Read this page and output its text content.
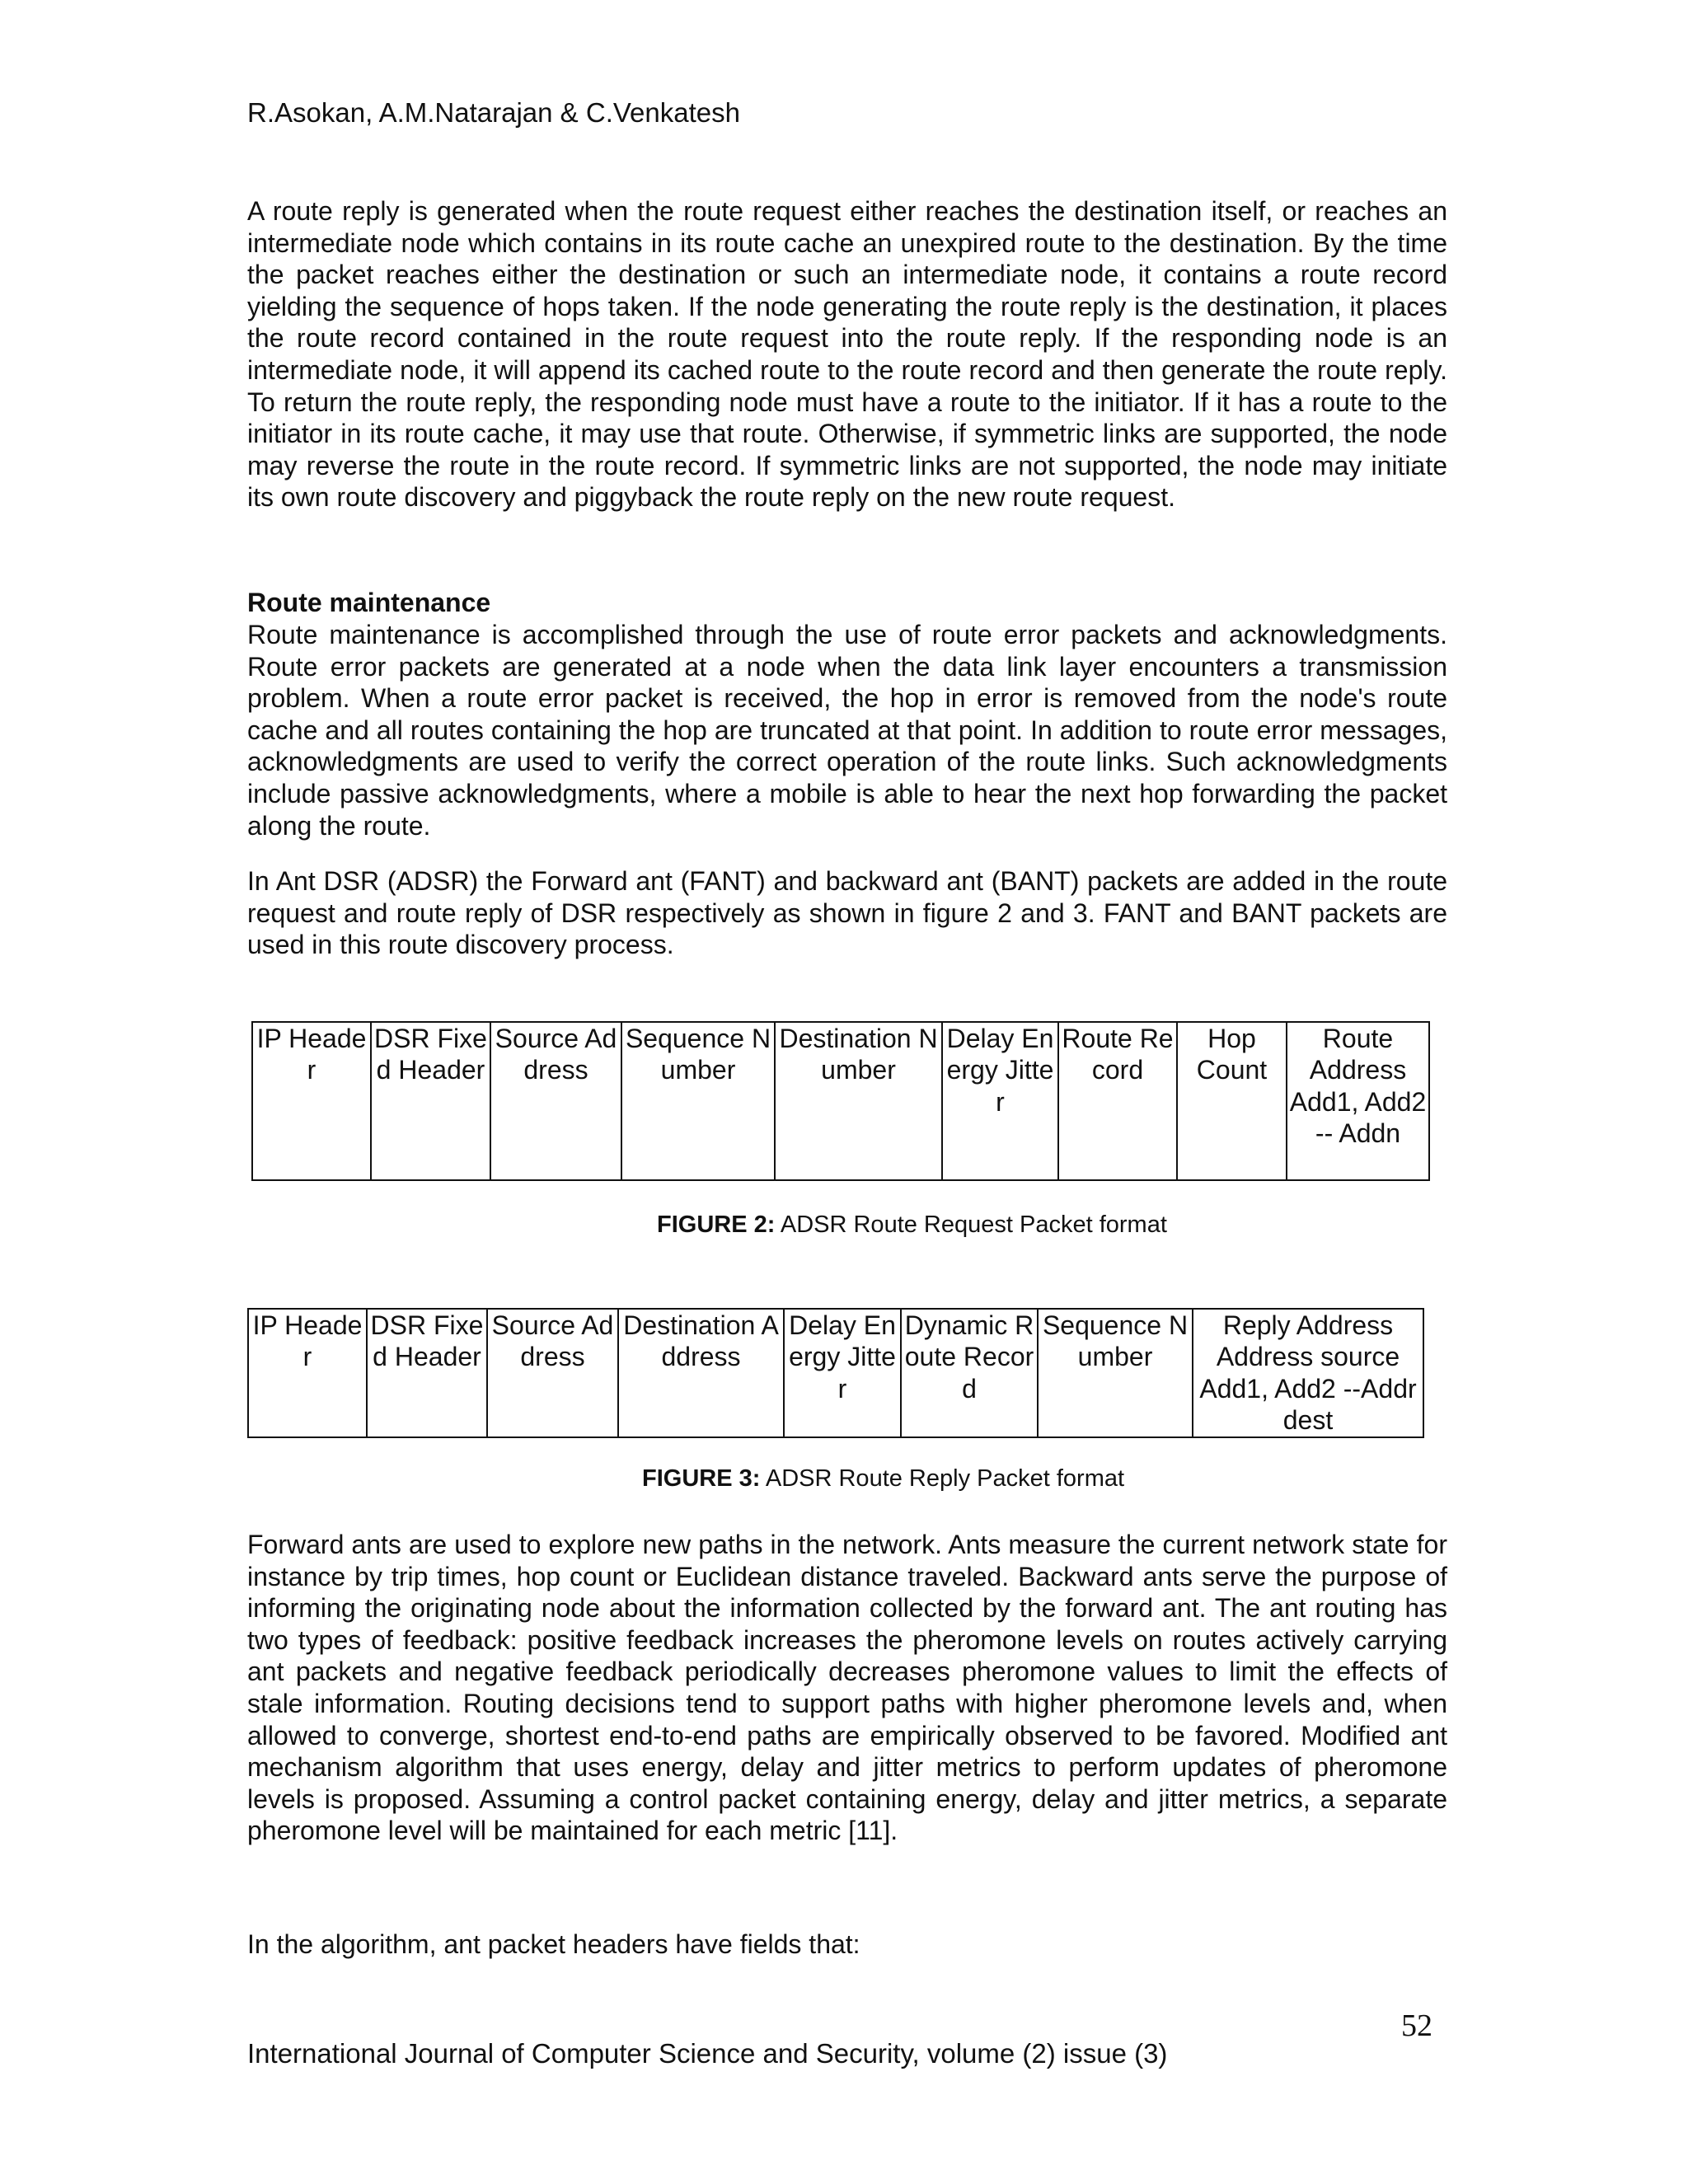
R.Asokan, A.M.Natarajan & C.Venkatesh

A route reply is generated when the route request either reaches the destination itself, or reaches an intermediate node which contains in its route cache an unexpired route to the destination. By the time the packet reaches either the destination or such an intermediate node, it contains a route record yielding the sequence of hops taken. If the node generating the route reply is the destination, it places the route record contained in the route request into the route reply. If the responding node is an intermediate node, it will append its cached route to the route record and then generate the route reply. To return the route reply, the responding node must have a route to the initiator. If it has a route to the initiator in its route cache, it may use that route. Otherwise, if symmetric links are supported, the node may reverse the route in the route record. If symmetric links are not supported, the node may initiate its own route discovery and piggyback the route reply on the new route request.

Route maintenance

Route maintenance is accomplished through the use of route error packets and acknowledgments. Route error packets are generated at a node when the data link layer encounters a transmission problem. When a route error packet is received, the hop in error is removed from the node's route cache and all routes containing the hop are truncated at that point. In addition to route error messages, acknowledgments are used to verify the correct operation of the route links. Such acknowledgments include passive acknowledgments, where a mobile is able to hear the next hop forwarding the packet along the route.

In Ant DSR (ADSR) the Forward ant (FANT) and backward ant (BANT) packets are added in the route request and route reply of DSR respectively as shown in figure 2 and 3. FANT and BANT packets are used in this route discovery process.

IP Header	DSR Fixed Header	Source Address	Sequence Number	Destination Number	Delay Energy Jitter	Route Record	Hop Count	Route Address Add1, Add2 -- Addn
FIGURE 2: ADSR Route Request Packet format
IP Header	DSR Fixed Header	Source Address	Destination Address	Delay Energy Jitter	Dynamic Route Record	Sequence Number	Reply Address Address source Add1, Add2 --Addr dest
FIGURE 3: ADSR Route Reply Packet format

Forward ants are used to explore new paths in the network. Ants measure the current network state for instance by trip times, hop count or Euclidean distance traveled. Backward ants serve the purpose of informing the originating node about the information collected by the forward ant. The ant routing has two types of feedback: positive feedback increases the pheromone levels on routes actively carrying ant packets and negative feedback periodically decreases pheromone values to limit the effects of stale information. Routing decisions tend to support paths with higher pheromone levels and, when allowed to converge, shortest end-to-end paths are empirically observed to be favored. Modified ant mechanism algorithm that uses energy, delay and jitter metrics to perform updates of pheromone levels is proposed. Assuming a control packet containing energy, delay and jitter metrics, a separate pheromone level will be maintained for each metric [11].

In the algorithm, ant packet headers have fields that:

52
International Journal of Computer Science and Security, volume (2) issue (3)
